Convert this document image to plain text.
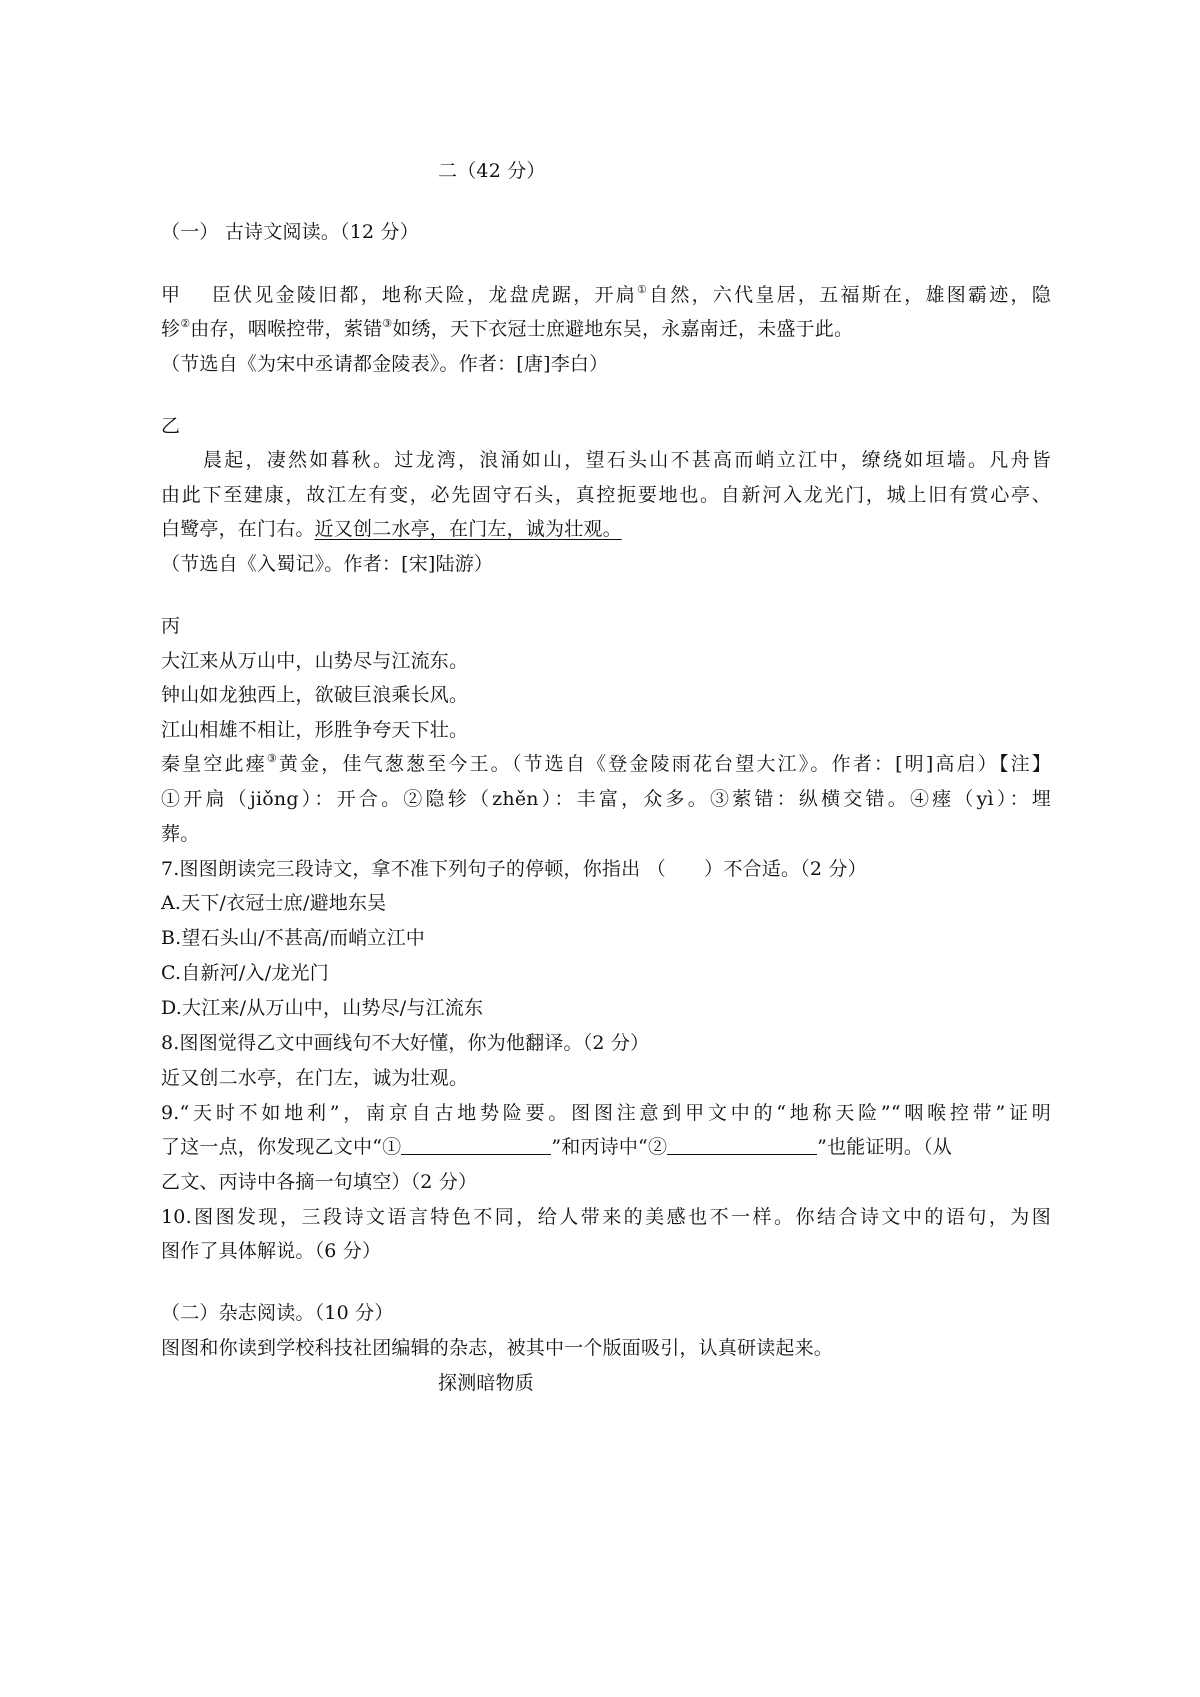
二（42 分）
（一） 古诗文阅读。（12 分）
甲　 臣伏见金陵旧都，地称天险，龙盘虎踞，开扃①自然，六代皇居，五福斯在，雄图霸迹，隐
轸②由存，咽喉控带，萦错③如绣，天下衣冠士庶避地东吴，永嘉南迁，未盛于此。
（节选自《为宋中丞请都金陵表》。作者：[唐]李白）
乙
晨起，凄然如暮秋。过龙湾，浪涌如山，望石头山不甚高而峭立江中，缭绕如垣墙。凡舟皆
由此下至建康，故江左有变，必先固守石头，真控扼要地也。自新河入龙光门，城上旧有赏心亭、
白鹭亭，在门右。近又创二水亭，在门左，诚为壮观。
（节选自《入蜀记》。作者：[宋]陆游）
丙
大江来从万山中，山势尽与江流东。
钟山如龙独西上，欲破巨浪乘长风。
江山相雄不相让，形胜争夸天下壮。
秦皇空此瘗③黄金，佳气葱葱至今王。（节选自《登金陵雨花台望大江》。作者：[明]高启）【注】
①开扃（jiǒng）：开合。②隐轸（zhěn）：丰富，众多。③萦错：纵横交错。④瘗（yì）：埋
葬。
7.图图朗读完三段诗文，拿不准下列句子的停顿，你指出 （　　）不合适。（2 分）
A.天下/衣冠士庶/避地东吴
B.望石头山/不甚高/而峭立江中
C.自新河/入/龙光门
D.大江来/从万山中，山势尽/与江流东
8.图图觉得乙文中画线句不大好懂，你为他翻译。（2 分）
近又创二水亭，在门左，诚为壮观。
9.“天时不如地利”，南京自古地势险要。图图注意到甲文中的“地称天险”“咽喉控带”证明
了这一点，你发现乙文中“①	”和丙诗中“②	”也能证明。（从
乙文、丙诗中各摘一句填空）（2 分）
10.图图发现，三段诗文语言特色不同，给人带来的美感也不一样。你结合诗文中的语句，为图
图作了具体解说。（6 分）
（二）杂志阅读。（10 分）
图图和你读到学校科技社团编辑的杂志，被其中一个版面吸引，认真研读起来。
探测暗物质
